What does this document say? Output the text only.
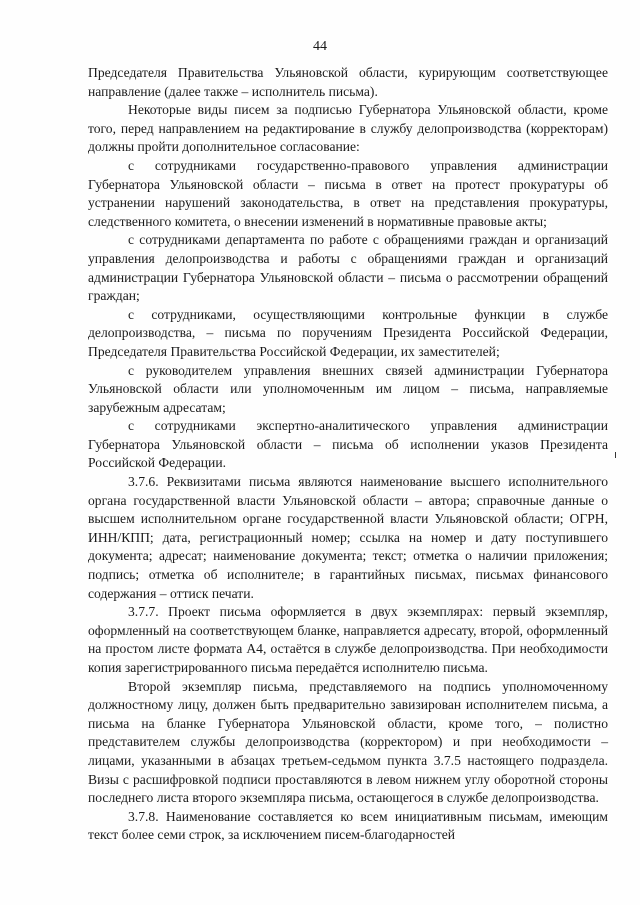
44

Председателя Правительства Ульяновской области, курирующим соответствующее направление (далее также – исполнитель письма).

Некоторые виды писем за подписью Губернатора Ульяновской области, кроме того, перед направлением на редактирование в службу делопроизводства (корректорам) должны пройти дополнительное согласование:

с сотрудниками государственно-правового управления администрации Губернатора Ульяновской области – письма в ответ на протест прокуратуры об устранении нарушений законодательства, в ответ на представления прокуратуры, следственного комитета, о внесении изменений в нормативные правовые акты;

с сотрудниками департамента по работе с обращениями граждан и организаций управления делопроизводства и работы с обращениями граждан и организаций администрации Губернатора Ульяновской области – письма о рассмотрении обращений граждан;

с сотрудниками, осуществляющими контрольные функции в службе делопроизводства, – письма по поручениям Президента Российской Федерации, Председателя Правительства Российской Федерации, их заместителей;

с руководителем управления внешних связей администрации Губернатора Ульяновской области или уполномоченным им лицом – письма, направляемые зарубежным адресатам;

с сотрудниками экспертно-аналитического управления администрации Губернатора Ульяновской области – письма об исполнении указов Президента Российской Федерации.

3.7.6. Реквизитами письма являются наименование высшего исполнительного органа государственной власти Ульяновской области – автора; справочные данные о высшем исполнительном органе государственной власти Ульяновской области; ОГРН, ИНН/КПП; дата, регистрационный номер; ссылка на номер и дату поступившего документа; адресат; наименование документа; текст; отметка о наличии приложения; подпись; отметка об исполнителе; в гарантийных письмах, письмах финансового содержания – оттиск печати.

3.7.7. Проект письма оформляется в двух экземплярах: первый экземпляр, оформленный на соответствующем бланке, направляется адресату, второй, оформленный на простом листе формата А4, остаётся в службе делопроизводства. При необходимости копия зарегистрированного письма передаётся исполнителю письма.

Второй экземпляр письма, представляемого на подпись уполномоченному должностному лицу, должен быть предварительно завизирован исполнителем письма, а письма на бланке Губернатора Ульяновской области, кроме того, – полистно представителем службы делопроизводства (корректором) и при необходимости – лицами, указанными в абзацах третьем-седьмом пункта 3.7.5 настоящего подраздела. Визы с расшифровкой подписи проставляются в левом нижнем углу оборотной стороны последнего листа второго экземпляра письма, остающегося в службе делопроизводства.

3.7.8. Наименование составляется ко всем инициативным письмам, имеющим текст более семи строк, за исключением писем-благодарностей
